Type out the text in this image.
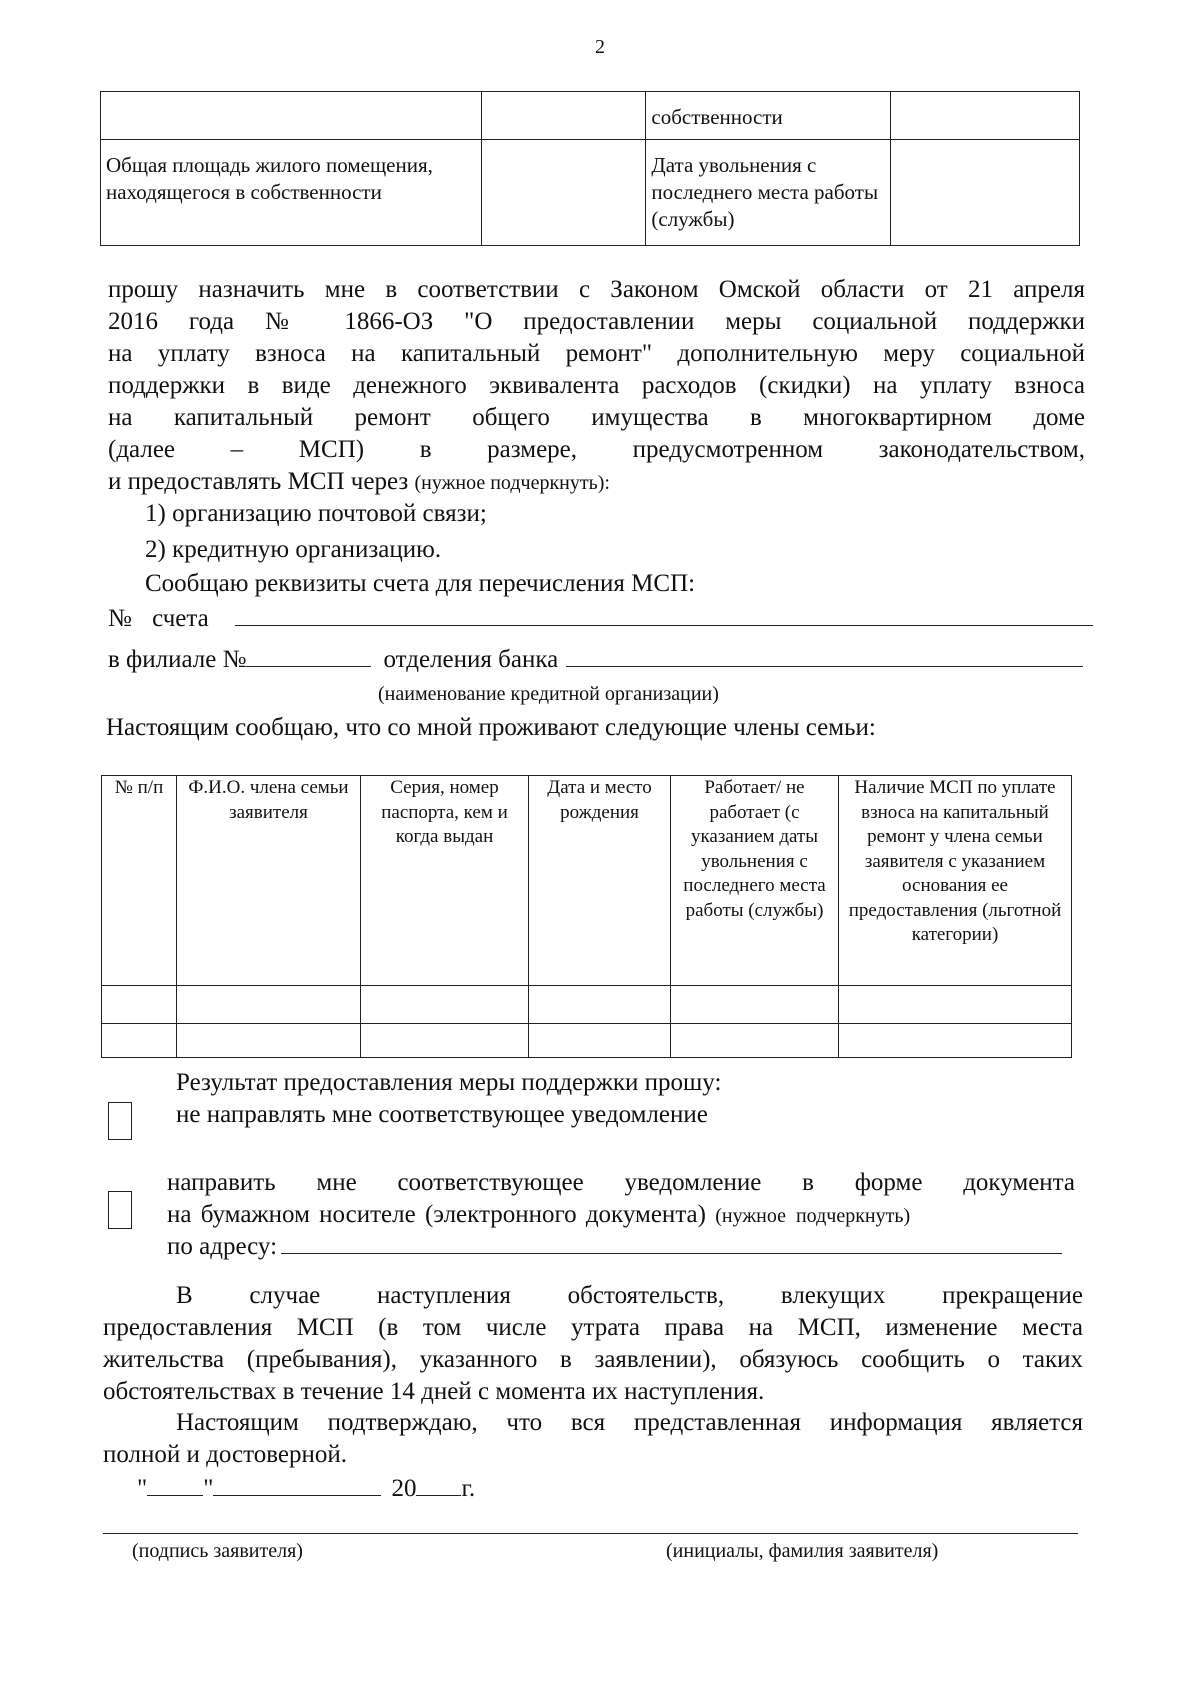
2
		собственности	
Общая площадь жилого помещения, находящегося в собственности		Дата увольнения с последнего места работы (службы)	
прошу назначить мне в соответствии с Законом Омской области от 21 апреля
2016 года № 1866-ОЗ "О предоставлении меры социальной поддержки
на уплату взноса на капитальный ремонт" дополнительную меру социальной
поддержки в виде денежного эквивалента расходов (скидки) на уплату взноса
на капитальный ремонт общего имущества в многоквартирном доме
(далее – МСП) в размере, предусмотренном законодательством,
и предоставлять МСП через (нужное подчеркнуть):
1) организацию почтовой связи;
2) кредитную организацию.
Сообщаю реквизиты счета для перечисления МСП:
№ счета
в филиале №	отделения банка
(наименование кредитной организации)
Настоящим сообщаю, что со мной проживают следующие члены семьи:
№ п/п	Ф.И.О. члена семьи заявителя	Серия, номер паспорта, кем и когда выдан	Дата и место рождения	Работает/ не работает (с указанием даты увольнения с последнего места работы (службы)	Наличие МСП по уплате взноса на капитальный ремонт у члена семьи заявителя с указанием основания ее предоставления (льготной категории)

Результат предоставления меры поддержки прошу:
не направлять мне соответствующее уведомление
направить мне соответствующее уведомление в форме документа
на бумажном носителе (электронного документа) (нужное подчеркнуть)
по адресу:
В случае наступления обстоятельств, влекущих прекращение
предоставления МСП (в том числе утрата права на МСП, изменение места
жительства (пребывания), указанного в заявлении), обязуюсь сообщить о таких
обстоятельствах в течение 14 дней с момента их наступления.
Настоящим подтверждаю, что вся представленная информация является
полной и достоверной.
" "	20 г.
(подпись заявителя)	(инициалы, фамилия заявителя)
